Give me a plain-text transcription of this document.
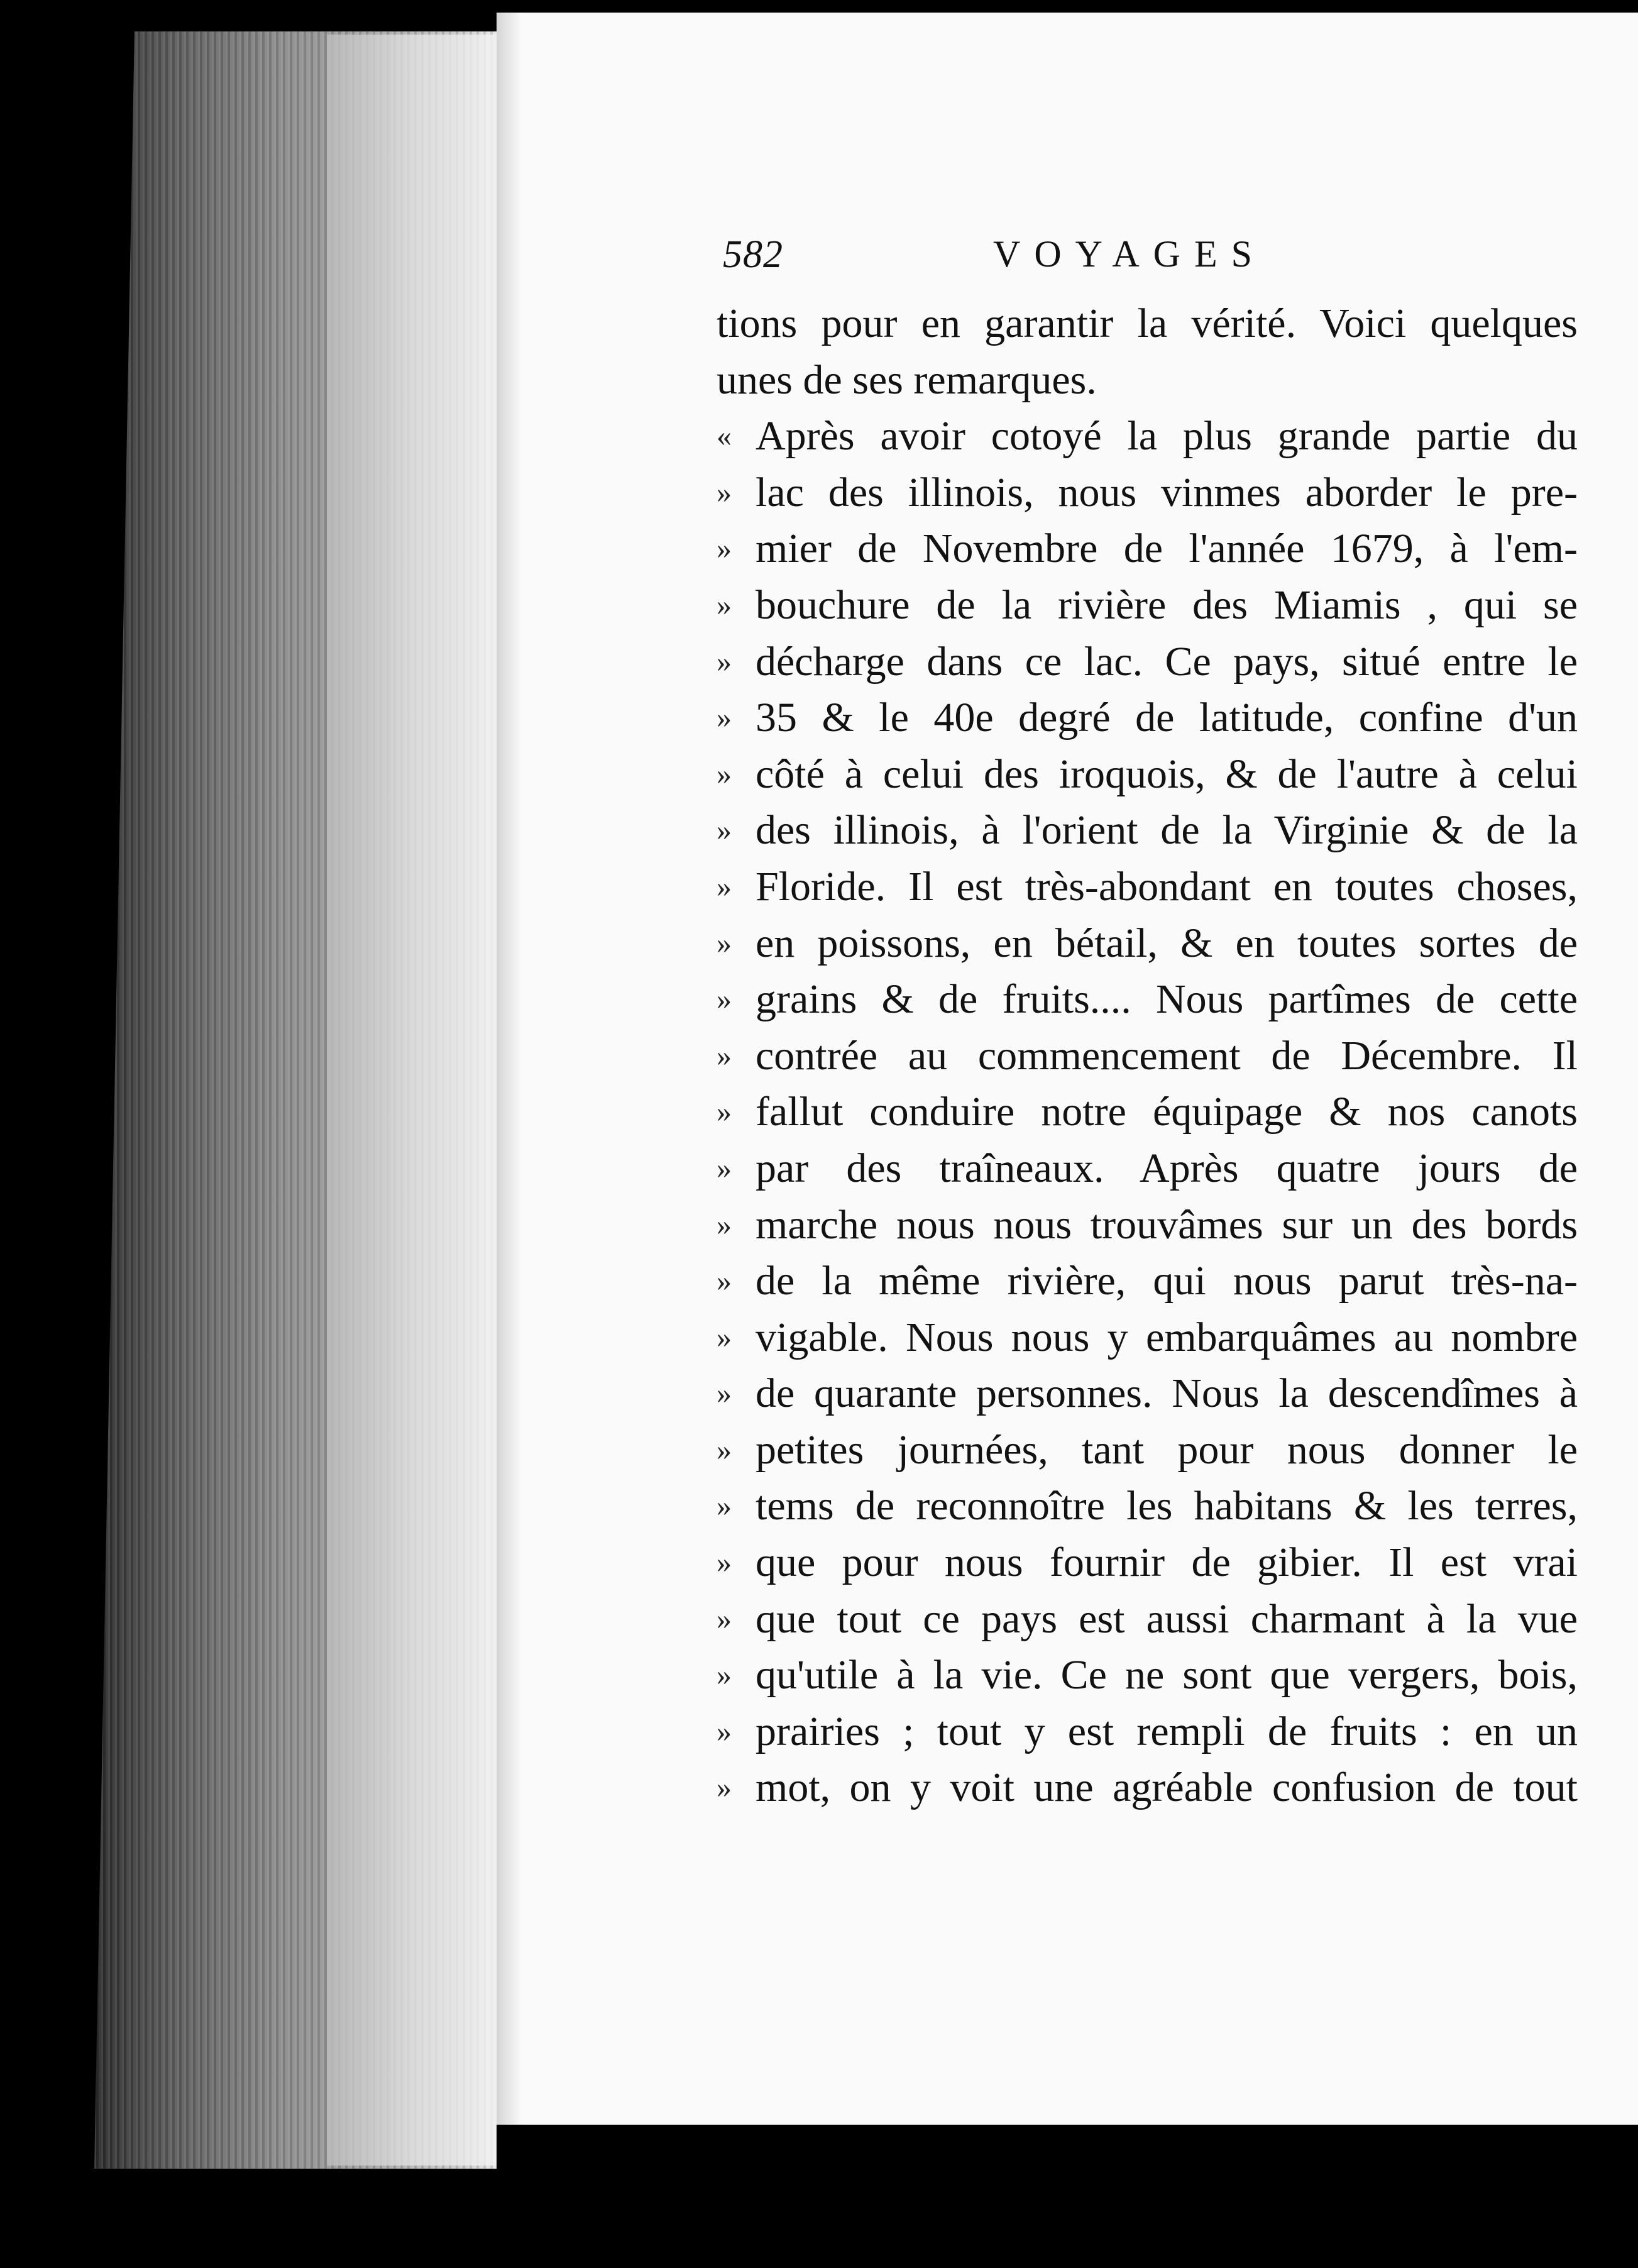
582	VOYAGES
tions pour en garantir la vérité. Voici quelques
unes de ses remarques.
« Après avoir cotoyé la plus grande partie du
» lac des illinois, nous vinmes aborder le pre-
» mier de Novembre de l'année 1679, à l'em-
» bouchure de la rivière des Miamis , qui se
» décharge dans ce lac. Ce pays, situé entre le
» 35 & le 40e degré de latitude, confine d'un
» côté à celui des iroquois, & de l'autre à celui
» des illinois, à l'orient de la Virginie & de la
» Floride. Il est très-abondant en toutes choses,
» en poissons, en bétail, & en toutes sortes de
» grains & de fruits.... Nous partîmes de cette
» contrée au commencement de Décembre. Il
» fallut conduire notre équipage & nos canots
» par des traîneaux. Après quatre jours de
» marche nous nous trouvâmes sur un des bords
» de la même rivière, qui nous parut très-na-
» vigable. Nous nous y embarquâmes au nombre
» de quarante personnes. Nous la descendîmes à
» petites journées, tant pour nous donner le
» tems de reconnoître les habitans & les terres,
» que pour nous fournir de gibier. Il est vrai
» que tout ce pays est aussi charmant à la vue
» qu'utile à la vie. Ce ne sont que vergers, bois,
» prairies ; tout y est rempli de fruits : en un
» mot, on y voit une agréable confusion de tout
